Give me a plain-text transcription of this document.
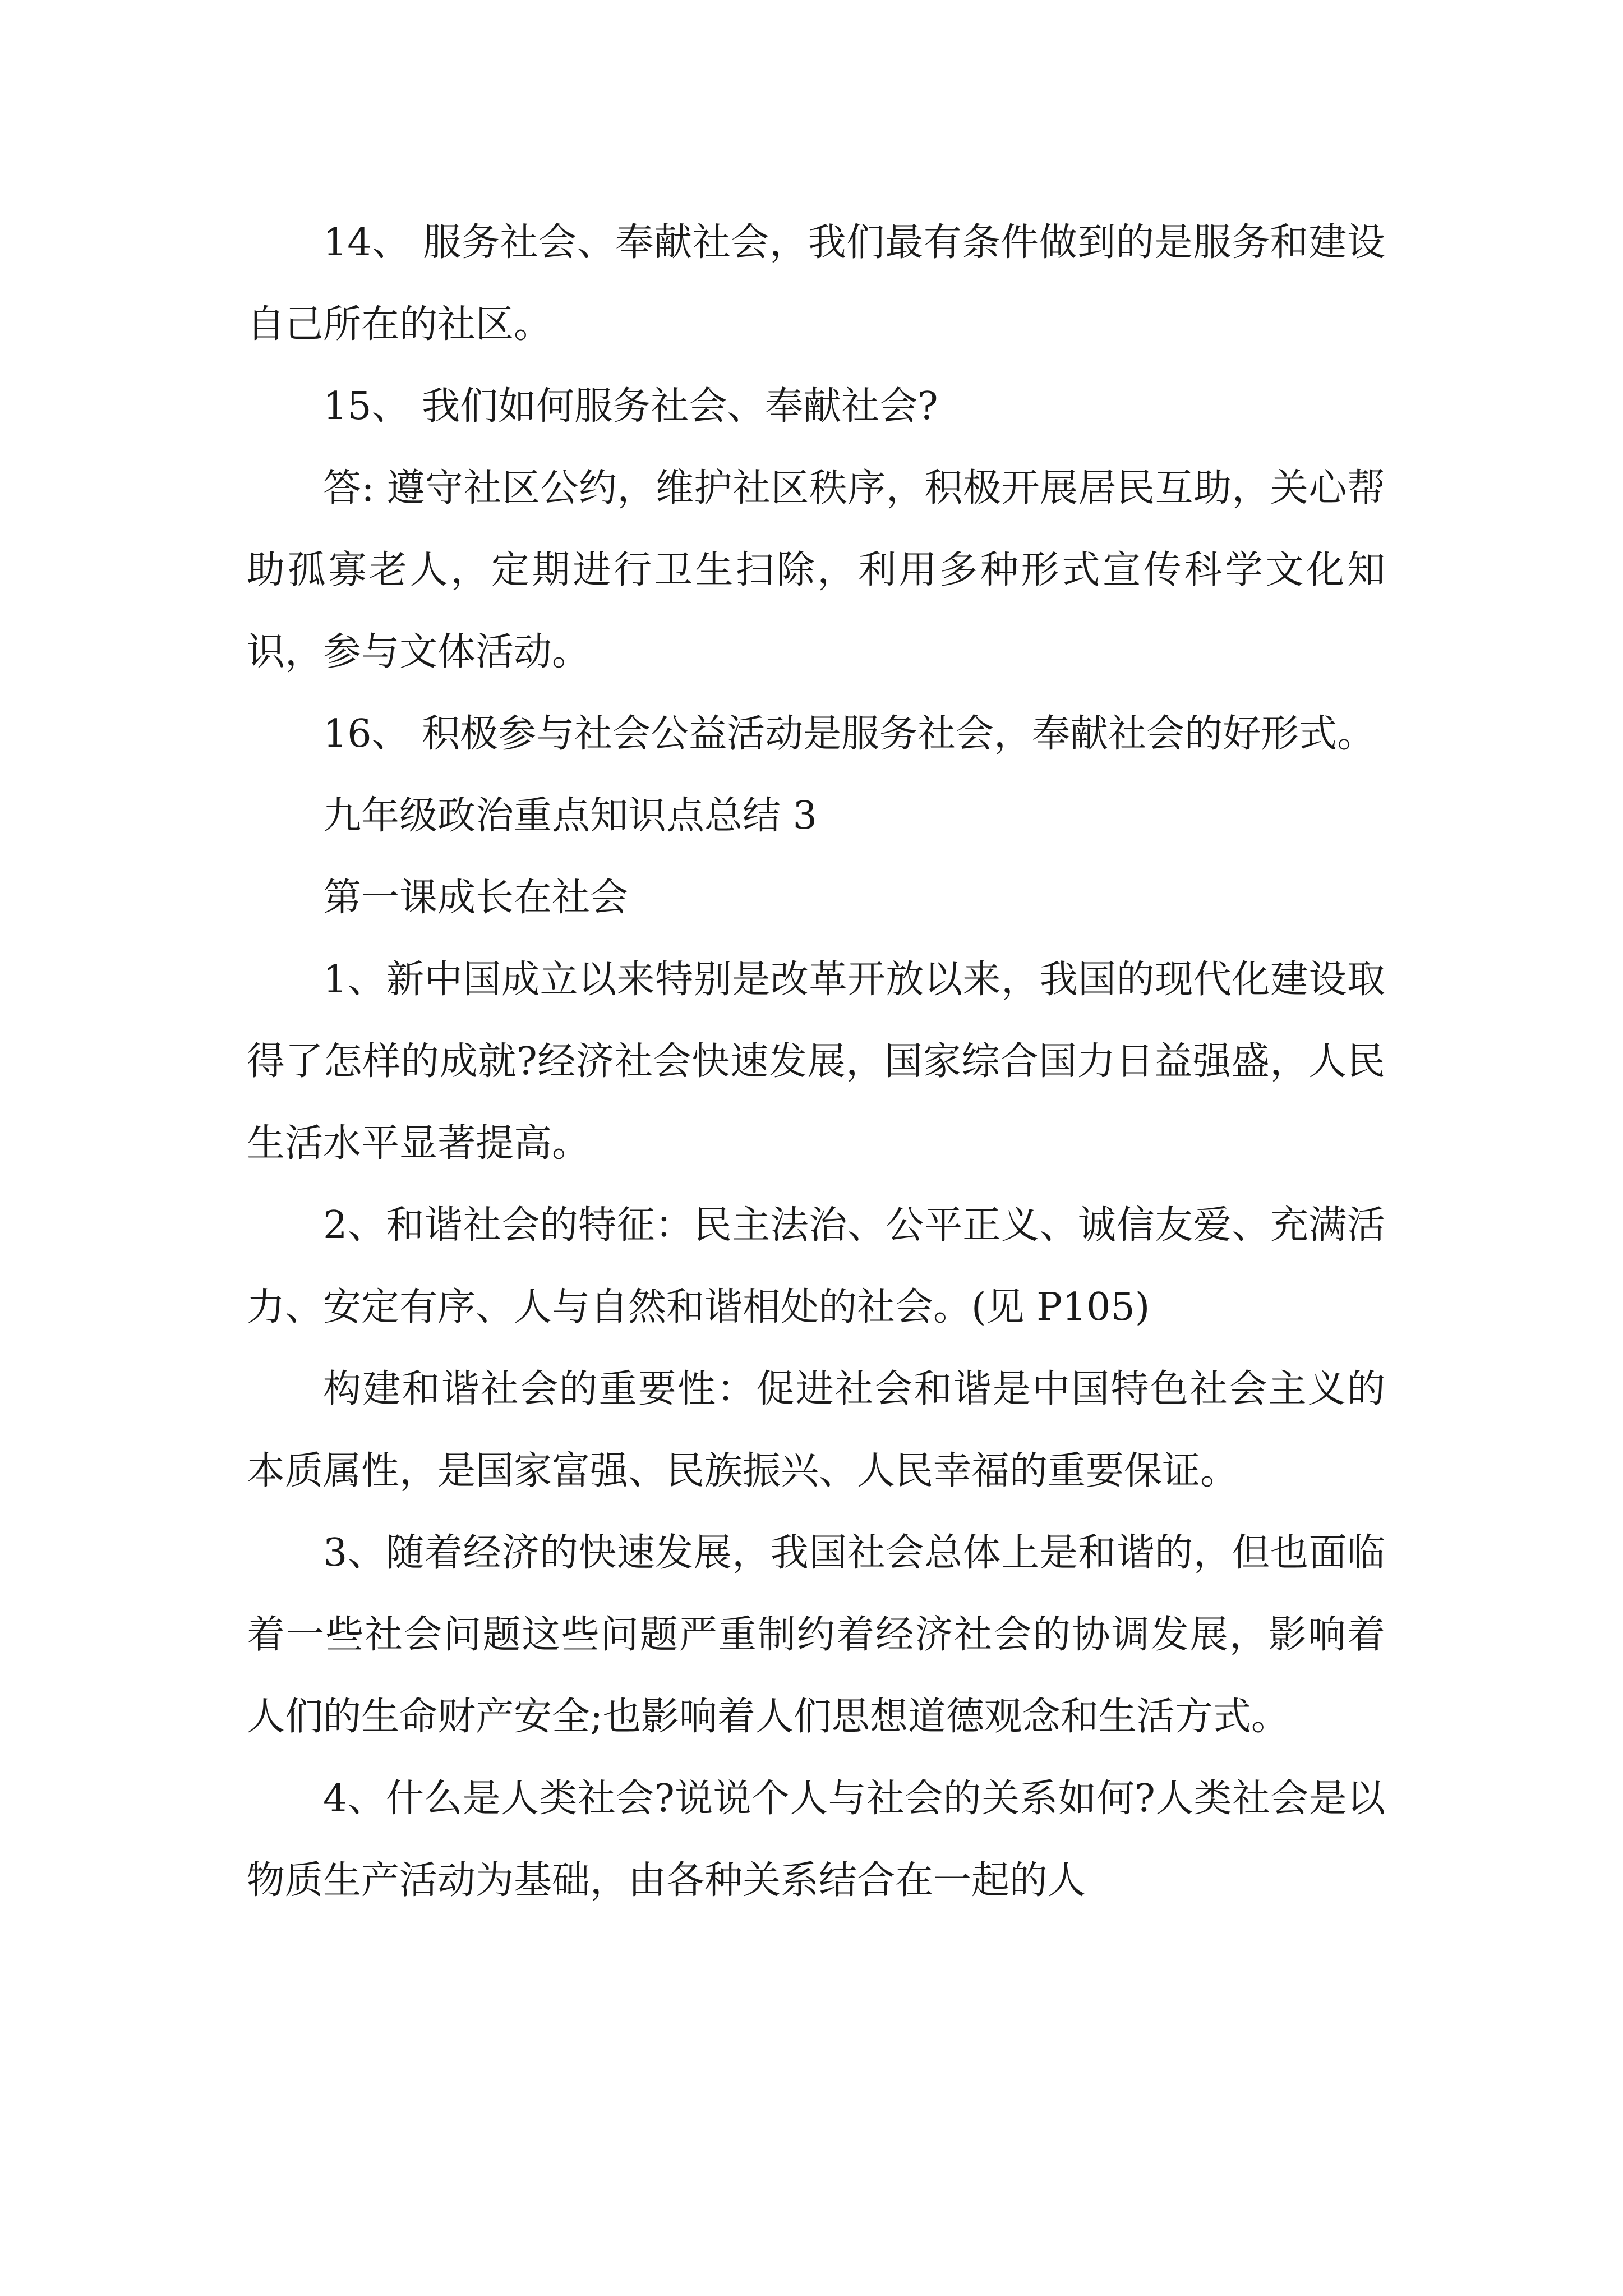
14、 服务社会、奉献社会，我们最有条件做到的是服务和建设自己所在的社区。

15、 我们如何服务社会、奉献社会?

答: 遵守社区公约，维护社区秩序，积极开展居民互助，关心帮助孤寡老人，定期进行卫生扫除，利用多种形式宣传科学文化知识，参与文体活动。

16、 积极参与社会公益活动是服务社会，奉献社会的好形式。

九年级政治重点知识点总结 3

第一课成长在社会

1、新中国成立以来特别是改革开放以来，我国的现代化建设取得了怎样的成就?经济社会快速发展，国家综合国力日益强盛，人民生活水平显著提高。

2、和谐社会的特征：民主法治、公平正义、诚信友爱、充满活力、安定有序、人与自然和谐相处的社会。(见 P105)

构建和谐社会的重要性：促进社会和谐是中国特色社会主义的本质属性，是国家富强、民族振兴、人民幸福的重要保证。

3、随着经济的快速发展，我国社会总体上是和谐的，但也面临着一些社会问题这些问题严重制约着经济社会的协调发展，影响着人们的生命财产安全;也影响着人们思想道德观念和生活方式。

4、什么是人类社会?说说个人与社会的关系如何?人类社会是以物质生产活动为基础，由各种关系结合在一起的人
